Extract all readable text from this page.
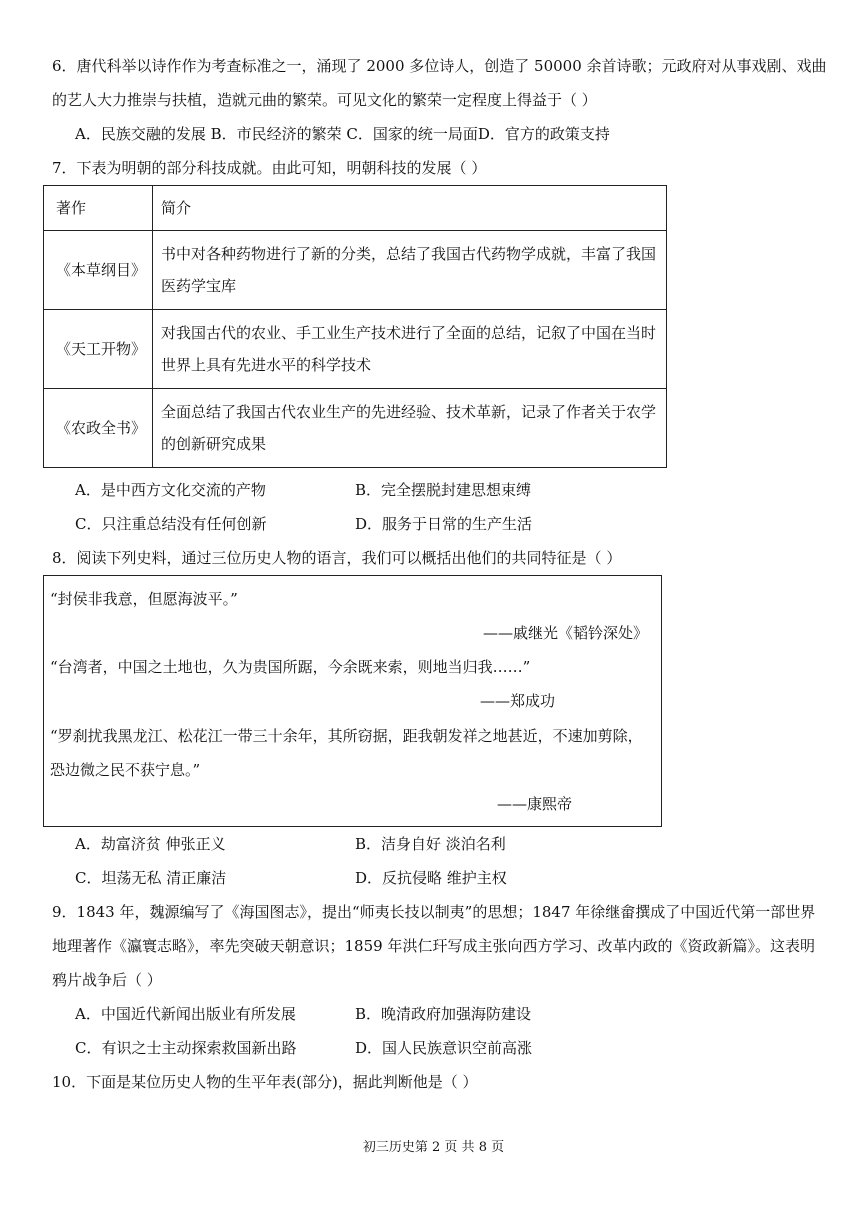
6．唐代科举以诗作作为考查标准之一，涌现了 2000 多位诗人，创造了 50000 余首诗歌；元政府对从事戏剧、戏曲
的艺人大力推崇与扶植，造就元曲的繁荣。可见文化的繁荣一定程度上得益于（ ）
A．民族交融的发展 B．市民经济的繁荣 C．国家的统一局面D．官方的政策支持
7．下表为明朝的部分科技成就。由此可知，明朝科技的发展（ ）
著作	简介
《本草纲目》	书中对各种药物进行了新的分类，总结了我国古代药物学成就，丰富了我国
医药学宝库

《天工开物》	对我国古代的农业、手工业生产技术进行了全面的总结，记叙了中国在当时
世界上具有先进水平的科学技术

《农政全书》	全面总结了我国古代农业生产的先进经验、技术革新，记录了作者关于农学
的创新研究成果
A．是中西方文化交流的产物	B．完全摆脱封建思想束缚
C．只注重总结没有任何创新	D．服务于日常的生产生活
8．阅读下列史料，通过三位历史人物的语言，我们可以概括出他们的共同特征是（ ）
“封侯非我意，但愿海波平。”
——戚继光《韬钤深处》
“台湾者，中国之土地也，久为贵国所踞，今余既来索，则地当归我……”
——郑成功
“罗刹扰我黑龙江、松花江一带三十余年，其所窃据，距我朝发祥之地甚近，不速加剪除，
恐边微之民不获宁息。”
——康熙帝
A．劫富济贫 伸张正义	B．洁身自好 淡泊名利
C．坦荡无私 清正廉洁	D．反抗侵略 维护主权
9．1843 年，魏源编写了《海国图志》，提出“师夷长技以制夷”的思想；1847 年徐继畲撰成了中国近代第一部世界
地理著作《瀛寰志略》，率先突破天朝意识；1859 年洪仁玕写成主张向西方学习、改革内政的《资政新篇》。这表明
鸦片战争后（ ）
A．中国近代新闻出版业有所发展	B．晚清政府加强海防建设
C．有识之士主动探索救国新出路	D．国人民族意识空前高涨
10．下面是某位历史人物的生平年表(部分)，据此判断他是（ ）
初三历史第 2 页 共 8 页
